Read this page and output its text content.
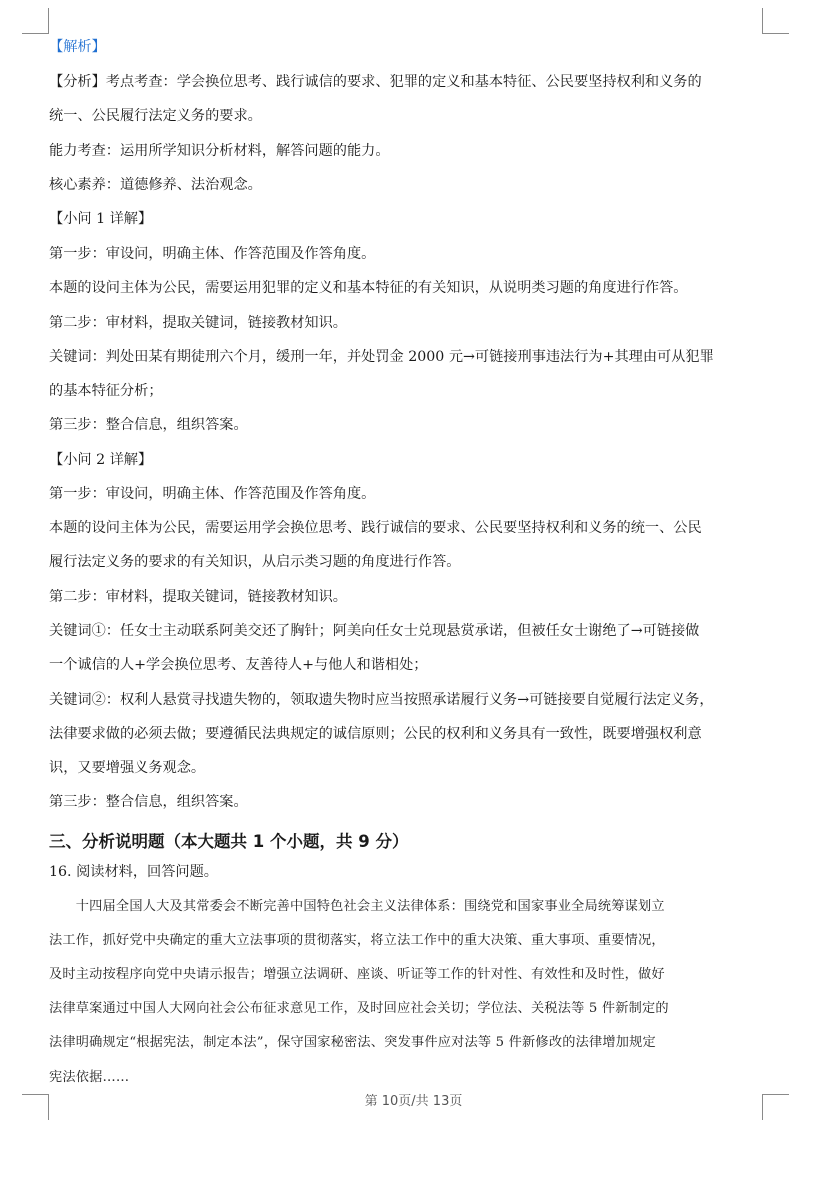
【解析】
【分析】考点考查：学会换位思考、践行诚信的要求、犯罪的定义和基本特征、公民要坚持权利和义务的
统一、公民履行法定义务的要求。
能力考查：运用所学知识分析材料，解答问题的能力。
核心素养：道德修养、法治观念。
【小问 1 详解】
第一步：审设问，明确主体、作答范围及作答角度。
本题的设问主体为公民，需要运用犯罪的定义和基本特征的有关知识，从说明类习题的角度进行作答。
第二步：审材料，提取关键词，链接教材知识。
关键词：判处田某有期徒刑六个月，缓刑一年，并处罚金 2000 元→可链接刑事违法行为+其理由可从犯罪
的基本特征分析；
第三步：整合信息，组织答案。
【小问 2 详解】
第一步：审设问，明确主体、作答范围及作答角度。
本题的设问主体为公民，需要运用学会换位思考、践行诚信的要求、公民要坚持权利和义务的统一、公民
履行法定义务的要求的有关知识，从启示类习题的角度进行作答。
第二步：审材料，提取关键词，链接教材知识。
关键词①：任女士主动联系阿美交还了胸针；阿美向任女士兑现悬赏承诺，但被任女士谢绝了→可链接做
一个诚信的人+学会换位思考、友善待人+与他人和谐相处；
关键词②：权利人悬赏寻找遗失物的，领取遗失物时应当按照承诺履行义务→可链接要自觉履行法定义务，
法律要求做的必须去做；要遵循民法典规定的诚信原则；公民的权利和义务具有一致性，既要增强权利意
识，又要增强义务观念。
第三步：整合信息，组织答案。
三、分析说明题（本大题共 1 个小题，共 9 分）
16. 阅读材料，回答问题。
　　十四届全国人大及其常委会不断完善中国特色社会主义法律体系：围绕党和国家事业全局统筹谋划立
法工作，抓好党中央确定的重大立法事项的贯彻落实，将立法工作中的重大决策、重大事项、重要情况，
及时主动按程序向党中央请示报告；增强立法调研、座谈、听证等工作的针对性、有效性和及时性，做好
法律草案通过中国人大网向社会公布征求意见工作，及时回应社会关切；学位法、关税法等 5 件新制定的
法律明确规定“根据宪法，制定本法”，保守国家秘密法、突发事件应对法等 5 件新修改的法律增加规定
宪法依据……
第 10页/共 13页
